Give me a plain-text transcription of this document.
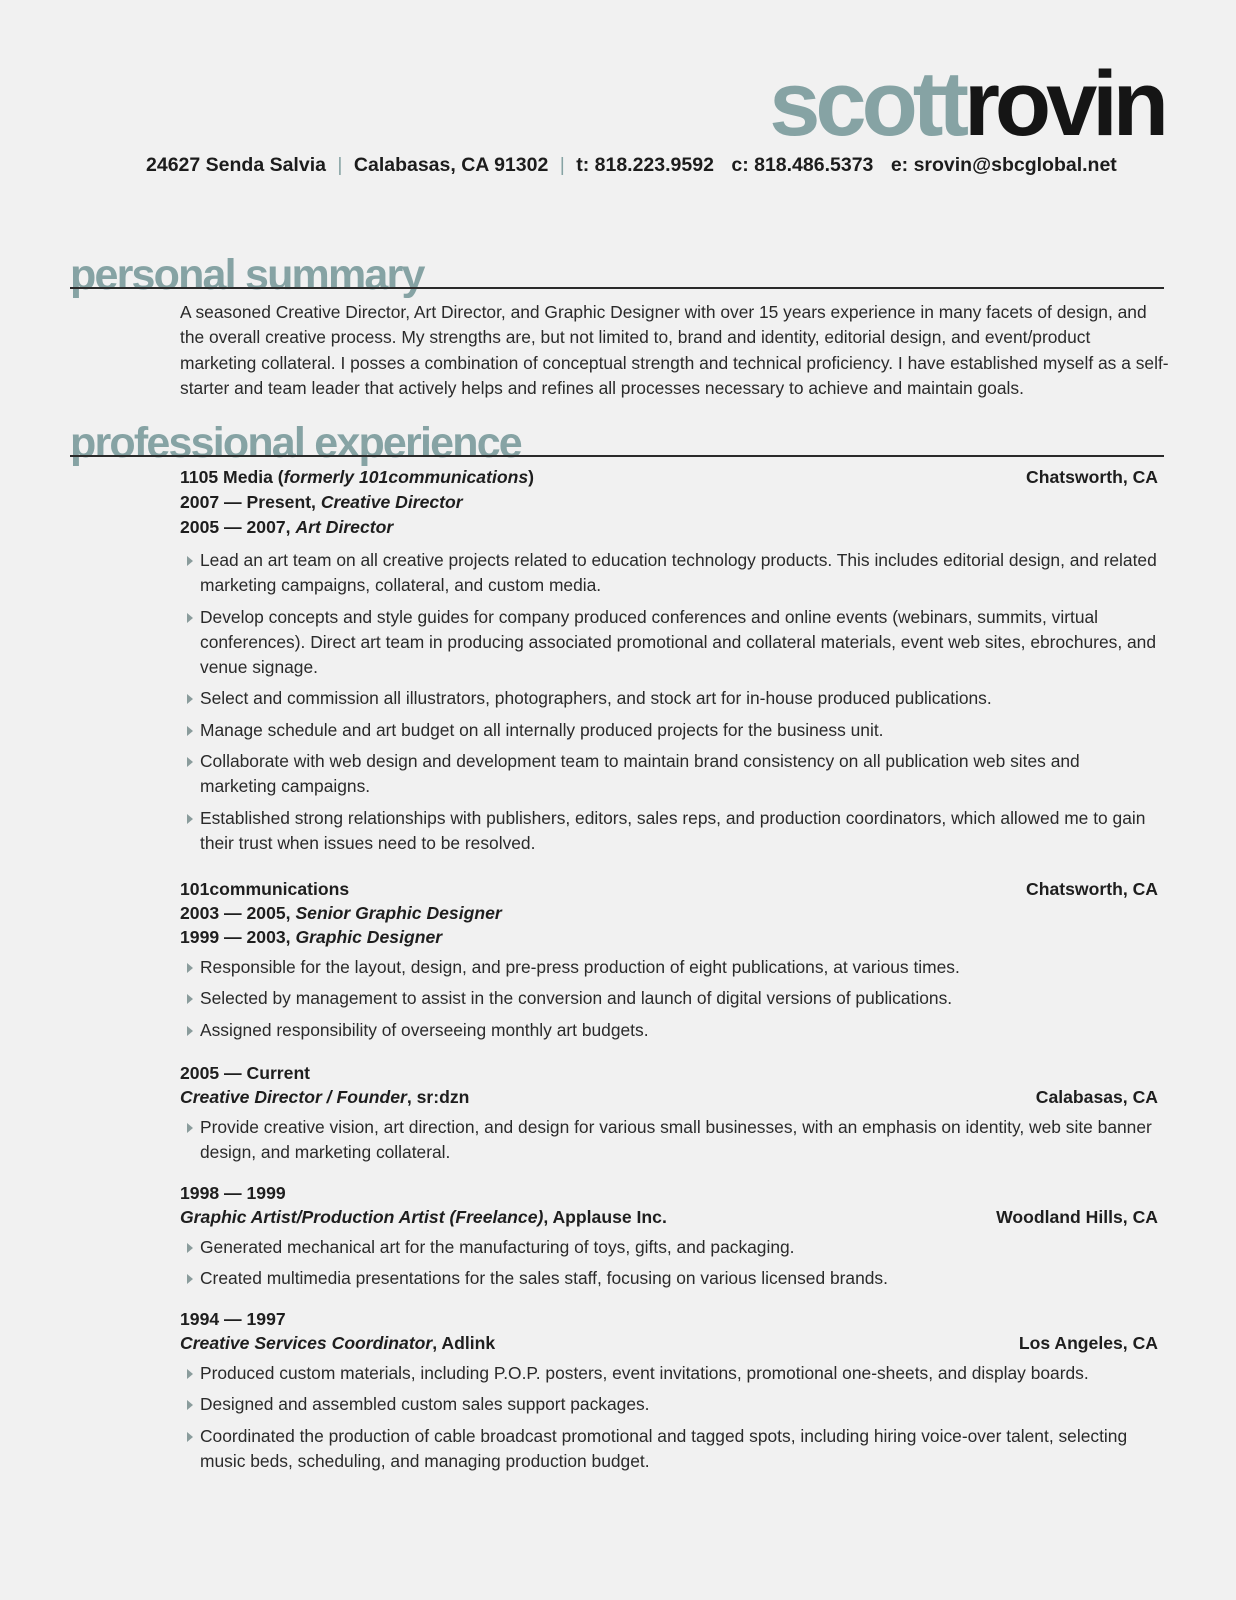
scottrovin
24627 Senda Salvia | Calabasas, CA 91302 | t: 818.223.9592 c: 818.486.5373 e: srovin@sbcglobal.net
personal summary

A seasoned Creative Director, Art Director, and Graphic Designer with over 15 years experience in many facets of design, and the overall creative process. My strengths are, but not limited to, brand and identity, editorial design, and event/product marketing collateral. I posses a combination of conceptual strength and technical proficiency. I have established myself as a self-starter and team leader that actively helps and refines all processes necessary to achieve and maintain goals.

professional experience
1105 Media (formerly 101communications)	Chatsworth, CA
2007 — Present, Creative Director
2005 — 2007, Art Director
Lead an art team on all creative projects related to education technology products. This includes editorial design, and related marketing campaigns, collateral, and custom media.
Develop concepts and style guides for company produced conferences and online events (webinars, summits, virtual conferences). Direct art team in producing associated promotional and collateral materials, event web sites, ebrochures, and venue signage.
Select and commission all illustrators, photographers, and stock art for in-house produced publications.
Manage schedule and art budget on all internally produced projects for the business unit.
Collaborate with web design and development team to maintain brand consistency on all publication web sites and marketing campaigns.
Established strong relationships with publishers, editors, sales reps, and production coordinators, which allowed me to gain their trust when issues need to be resolved.
101communications	Chatsworth, CA
2003 — 2005, Senior Graphic Designer
1999 — 2003, Graphic Designer
Responsible for the layout, design, and pre-press production of eight publications, at various times.
Selected by management to assist in the conversion and launch of digital versions of publications.
Assigned responsibility of overseeing monthly art budgets.
2005 — Current
Creative Director / Founder, sr:dzn	Calabasas, CA
Provide creative vision, art direction, and design for various small businesses, with an emphasis on identity, web site banner design, and marketing collateral.
1998 — 1999
Graphic Artist/Production Artist (Freelance), Applause Inc.	Woodland Hills, CA
Generated mechanical art for the manufacturing of toys, gifts, and packaging.
Created multimedia presentations for the sales staff, focusing on various licensed brands.
1994 — 1997
Creative Services Coordinator, Adlink	Los Angeles, CA
Produced custom materials, including P.O.P. posters, event invitations, promotional one-sheets, and display boards.
Designed and assembled custom sales support packages.
Coordinated the production of cable broadcast promotional and tagged spots, including hiring voice-over talent, selecting music beds, scheduling, and managing production budget.
